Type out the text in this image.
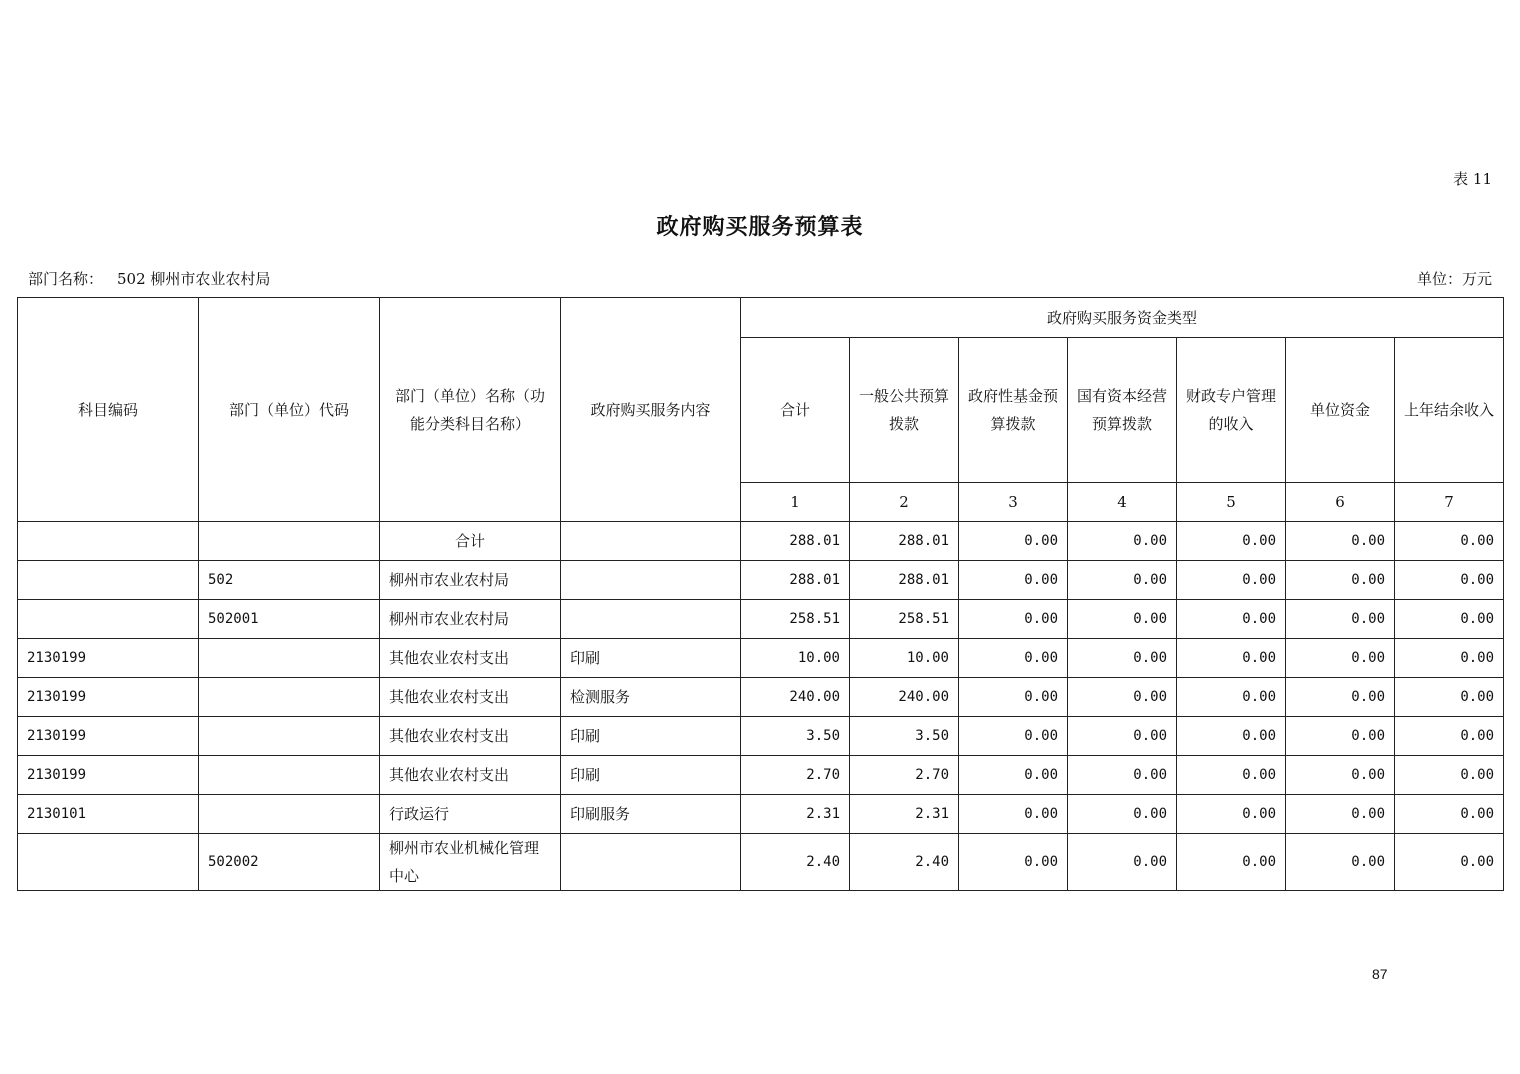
表 11
政府购买服务预算表
部门名称： 502 柳州市农业农村局	单位：万元
科目编码	部门（单位）代码	部门（单位）名称（功能分类科目名称）	政府购买服务内容	政府购买服务资金类型						
				合计	一般公共预算拨款	政府性基金预算拨款	国有资本经营预算拨款	财政专户管理的收入	单位资金	上年结余收入
				1	2	3	4	5	6	7
		合计		288.01	288.01	0.00	0.00	0.00	0.00	0.00
	502	柳州市农业农村局		288.01	288.01	0.00	0.00	0.00	0.00	0.00
	502001	柳州市农业农村局		258.51	258.51	0.00	0.00	0.00	0.00	0.00
2130199		其他农业农村支出	印刷	10.00	10.00	0.00	0.00	0.00	0.00	0.00
2130199		其他农业农村支出	检测服务	240.00	240.00	0.00	0.00	0.00	0.00	0.00
2130199		其他农业农村支出	印刷	3.50	3.50	0.00	0.00	0.00	0.00	0.00
2130199		其他农业农村支出	印刷	2.70	2.70	0.00	0.00	0.00	0.00	0.00
2130101		行政运行	印刷服务	2.31	2.31	0.00	0.00	0.00	0.00	0.00
	502002	柳州市农业机械化管理中心		2.40	2.40	0.00	0.00	0.00	0.00	0.00
87
